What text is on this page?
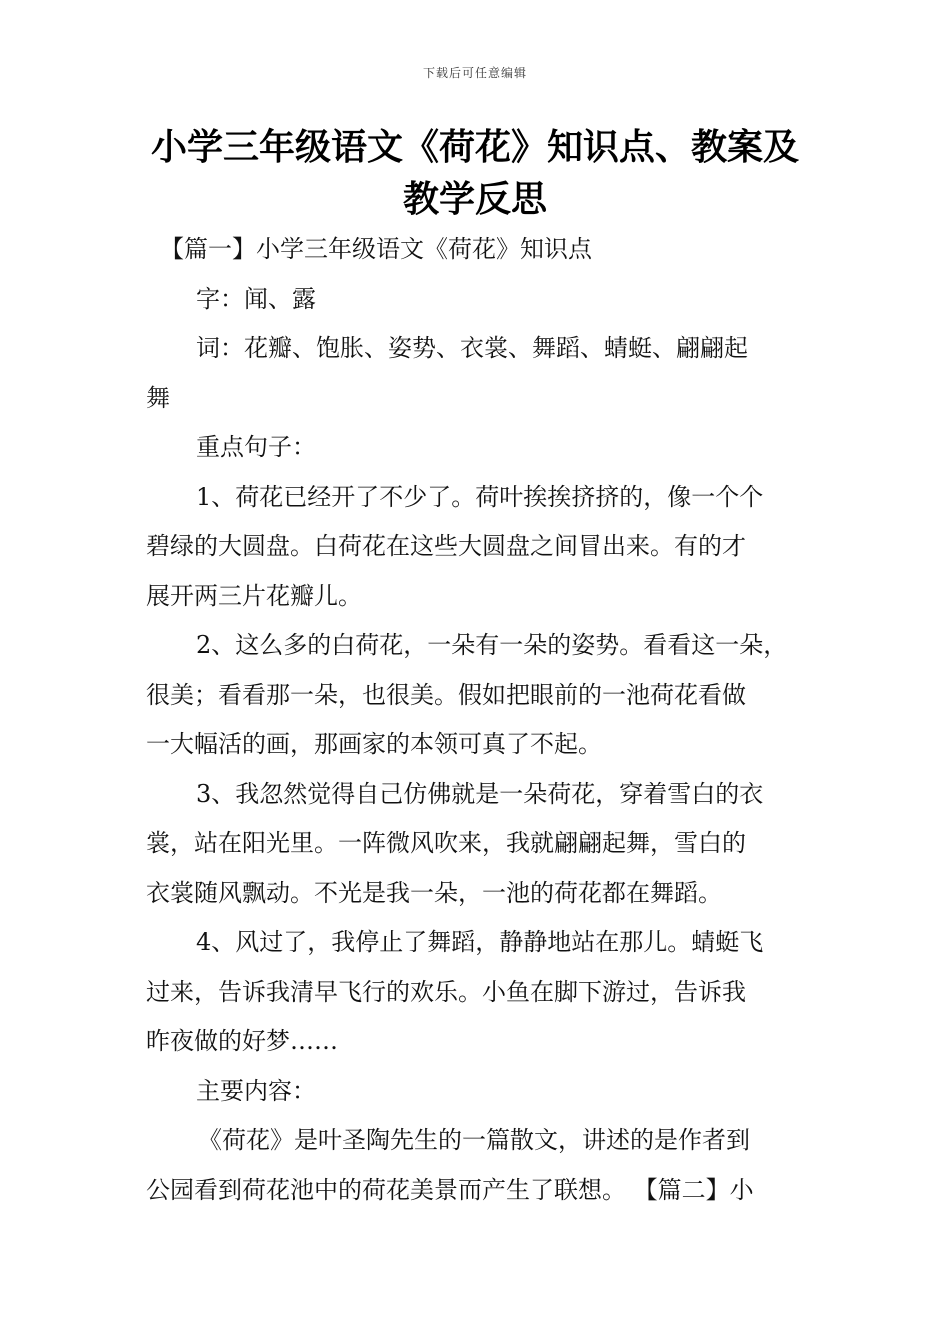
下载后可任意编辑
小学三年级语文《荷花》知识点、教案及
教学反思
【篇一】小学三年级语文《荷花》知识点
字：闻、露
词：花瓣、饱胀、姿势、衣裳、舞蹈、蜻蜓、翩翩起
舞
重点句子：
1、荷花已经开了不少了。荷叶挨挨挤挤的，像一个个
碧绿的大圆盘。白荷花在这些大圆盘之间冒出来。有的才
展开两三片花瓣儿。
2、这么多的白荷花，一朵有一朵的姿势。看看这一朵，
很美；看看那一朵，也很美。假如把眼前的一池荷花看做
一大幅活的画，那画家的本领可真了不起。
3、我忽然觉得自己仿佛就是一朵荷花，穿着雪白的衣
裳，站在阳光里。一阵微风吹来，我就翩翩起舞，雪白的
衣裳随风飘动。不光是我一朵，一池的荷花都在舞蹈。
4、风过了，我停止了舞蹈，静静地站在那儿。蜻蜓飞
过来，告诉我清早飞行的欢乐。小鱼在脚下游过，告诉我
昨夜做的好梦……
主要内容：
《荷花》是叶圣陶先生的一篇散文，讲述的是作者到
公园看到荷花池中的荷花美景而产生了联想。 【篇二】小
